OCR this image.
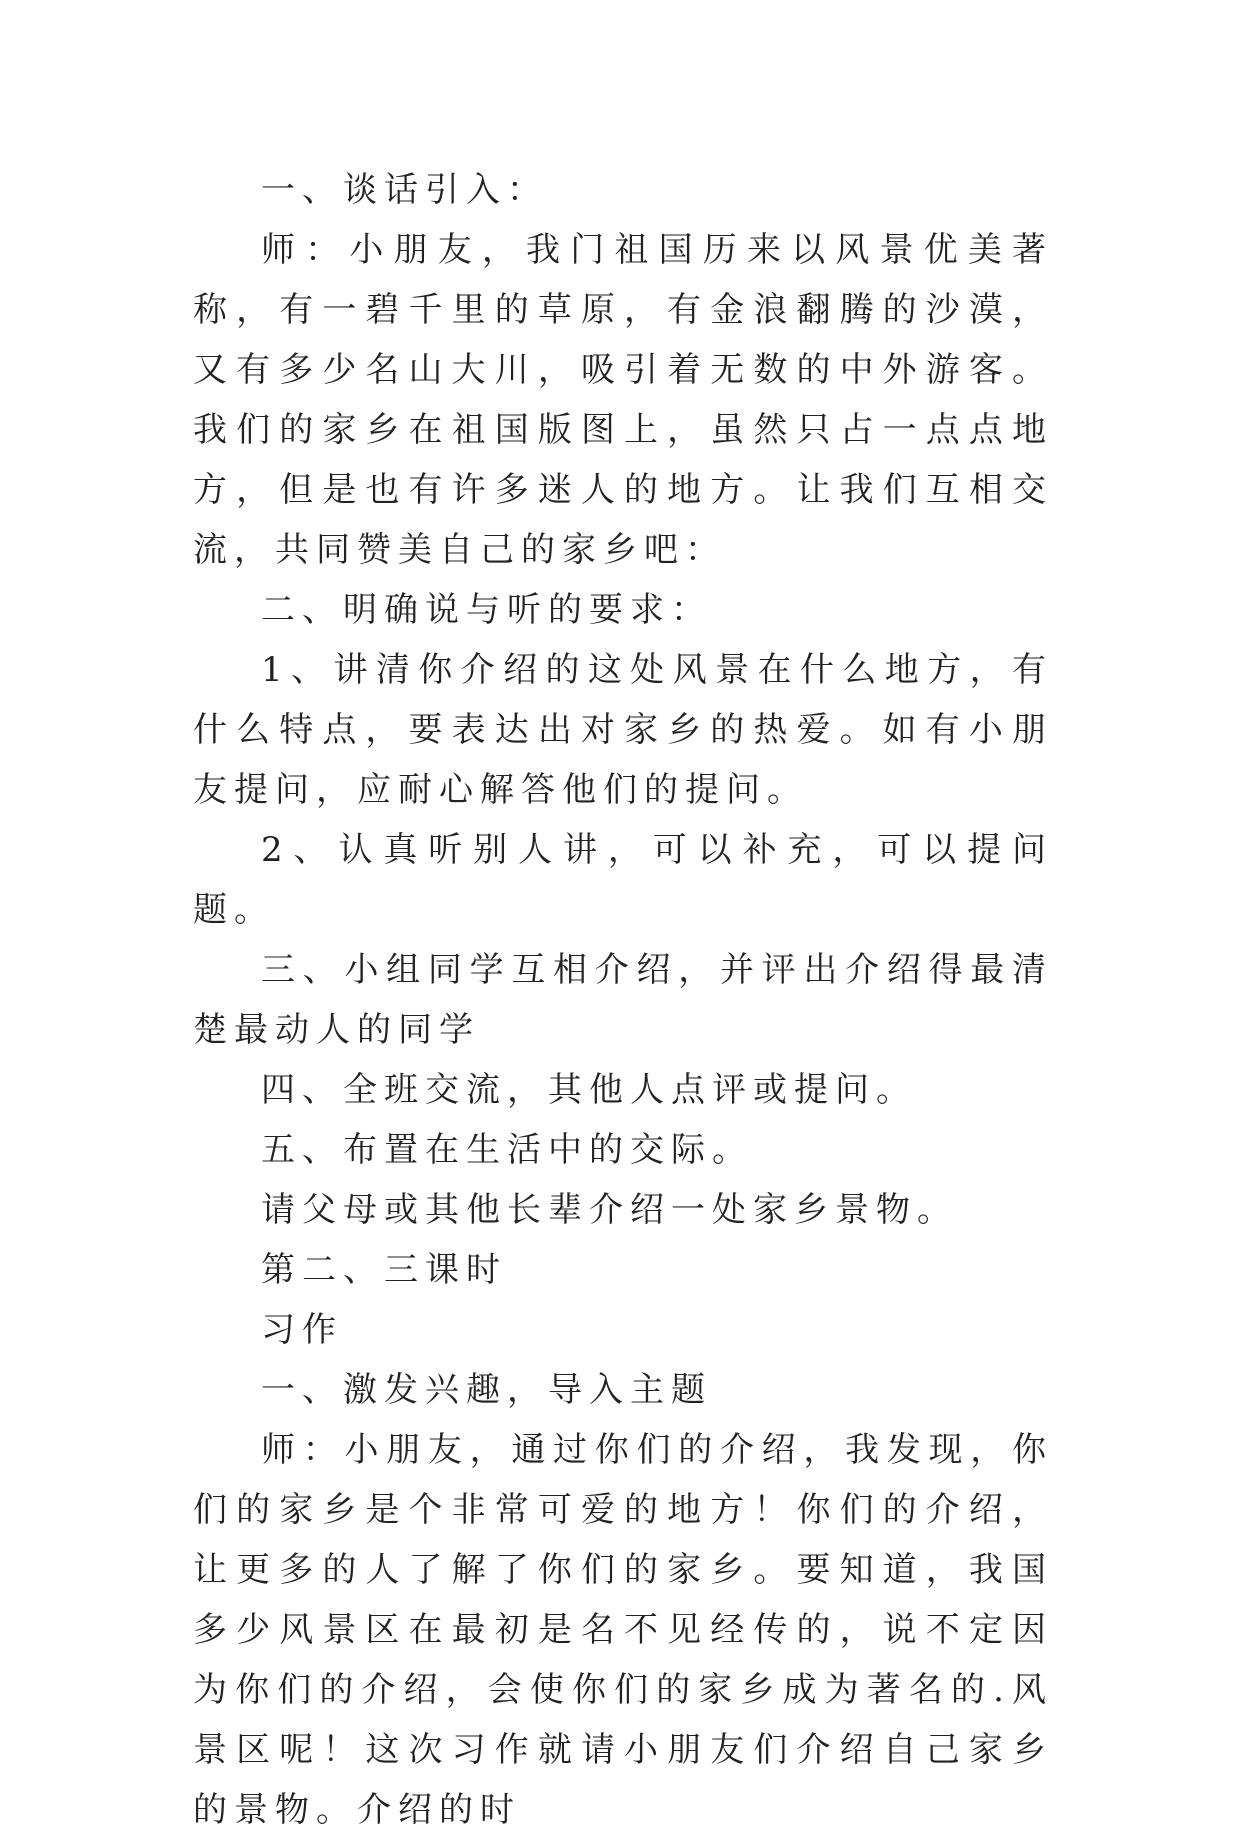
一、谈话引入：

师：小朋友，我门祖国历来以风景优美著称，有一碧千里的草原，有金浪翻腾的沙漠，又有多少名山大川，吸引着无数的中外游客。我们的家乡在祖国版图上，虽然只占一点点地方，但是也有许多迷人的地方。让我们互相交流，共同赞美自己的家乡吧：

二、明确说与听的要求：

1、讲清你介绍的这处风景在什么地方，有什么特点，要表达出对家乡的热爱。如有小朋友提问，应耐心解答他们的提问。

2、认真听别人讲，可以补充，可以提问题。

三、小组同学互相介绍，并评出介绍得最清楚最动人的同学

四、全班交流，其他人点评或提问。

五、布置在生活中的交际。

请父母或其他长辈介绍一处家乡景物。

第二、三课时

习作

一、激发兴趣，导入主题

师：小朋友，通过你们的介绍，我发现，你们的家乡是个非常可爱的地方！你们的介绍，让更多的人了解了你们的家乡。要知道，我国多少风景区在最初是名不见经传的，说不定因为你们的介绍，会使你们的家乡成为著名的.风景区呢！这次习作就请小朋友们介绍自己家乡的景物。介绍的时
